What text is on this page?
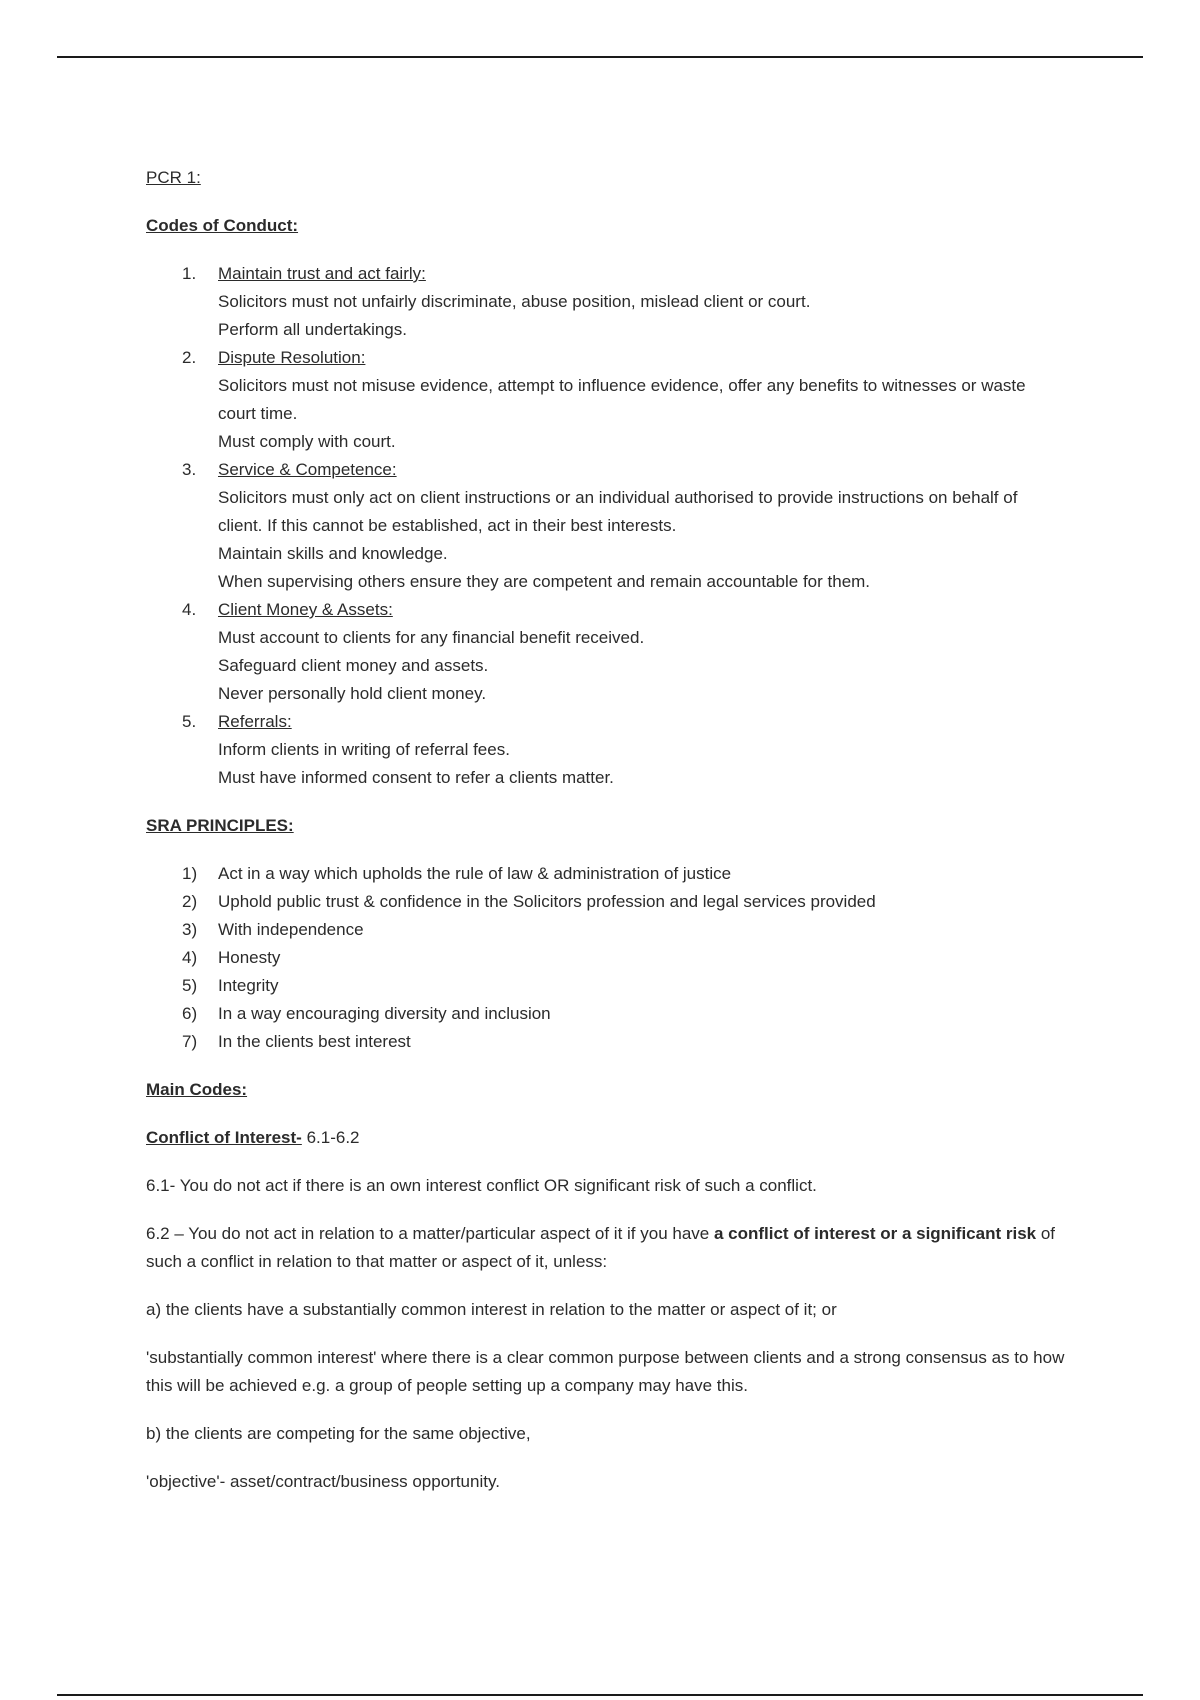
PCR 1:

Codes of Conduct:

1. Maintain trust and act fairly:
Solicitors must not unfairly discriminate, abuse position, mislead client or court.
Perform all undertakings.
2. Dispute Resolution:
Solicitors must not misuse evidence, attempt to influence evidence, offer any benefits to witnesses or waste court time.
Must comply with court.
3. Service & Competence:
Solicitors must only act on client instructions or an individual authorised to provide instructions on behalf of client. If this cannot be established, act in their best interests.
Maintain skills and knowledge.
When supervising others ensure they are competent and remain accountable for them.
4. Client Money & Assets:
Must account to clients for any financial benefit received.
Safeguard client money and assets.
Never personally hold client money.
5. Referrals:
Inform clients in writing of referral fees.
Must have informed consent to refer a clients matter.

SRA PRINCIPLES:

1) Act in a way which upholds the rule of law & administration of justice
2) Uphold public trust & confidence in the Solicitors profession and legal services provided
3) With independence
4) Honesty
5) Integrity
6) In a way encouraging diversity and inclusion
7) In the clients best interest

Main Codes:

Conflict of Interest- 6.1-6.2

6.1- You do not act if there is an own interest conflict OR significant risk of such a conflict.

6.2 – You do not act in relation to a matter/particular aspect of it if you have a conflict of interest or a significant risk of such a conflict in relation to that matter or aspect of it, unless:

a) the clients have a substantially common interest in relation to the matter or aspect of it; or

'substantially common interest' where there is a clear common purpose between clients and a strong consensus as to how this will be achieved e.g. a group of people setting up a company may have this.

b) the clients are competing for the same objective,

'objective'- asset/contract/business opportunity.
